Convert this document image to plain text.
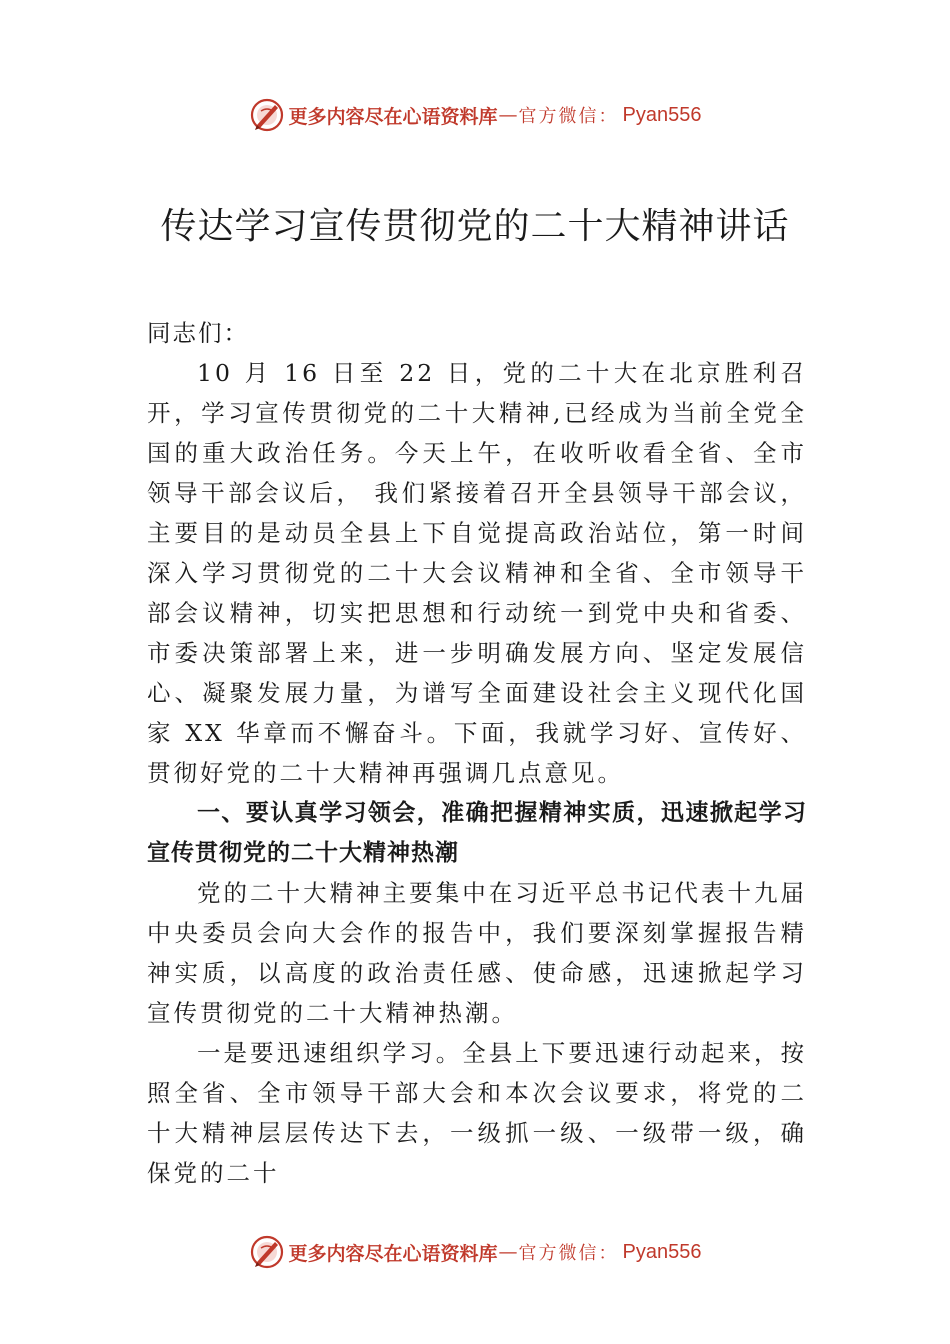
更多内容尽在心语资料库 — 官方微信： Pyan556
传达学习宣传贯彻党的二十大精神讲话

同志们：

10 月 16 日至 22 日，党的二十大在北京胜利召开，学习宣传贯彻党的二十大精神,已经成为当前全党全国的重大政治任务。今天上午，在收听收看全省、全市领导干部会议后， 我们紧接着召开全县领导干部会议，主要目的是动员全县上下自觉提高政治站位，第一时间深入学习贯彻党的二十大会议精神和全省、全市领导干部会议精神，切实把思想和行动统一到党中央和省委、市委决策部署上来，进一步明确发展方向、坚定发展信心、凝聚发展力量，为谱写全面建设社会主义现代化国家 XX 华章而不懈奋斗。下面，我就学习好、宣传好、贯彻好党的二十大精神再强调几点意见。

一、要认真学习领会，准确把握精神实质，迅速掀起学习宣传贯彻党的二十大精神热潮

党的二十大精神主要集中在习近平总书记代表十九届中央委员会向大会作的报告中，我们要深刻掌握报告精神实质，以高度的政治责任感、使命感，迅速掀起学习宣传贯彻党的二十大精神热潮。

一是要迅速组织学习。全县上下要迅速行动起来，按照全省、全市领导干部大会和本次会议要求，将党的二十大精神层层传达下去，一级抓一级、一级带一级，确保党的二十

更多内容尽在心语资料库 — 官方微信： Pyan556
